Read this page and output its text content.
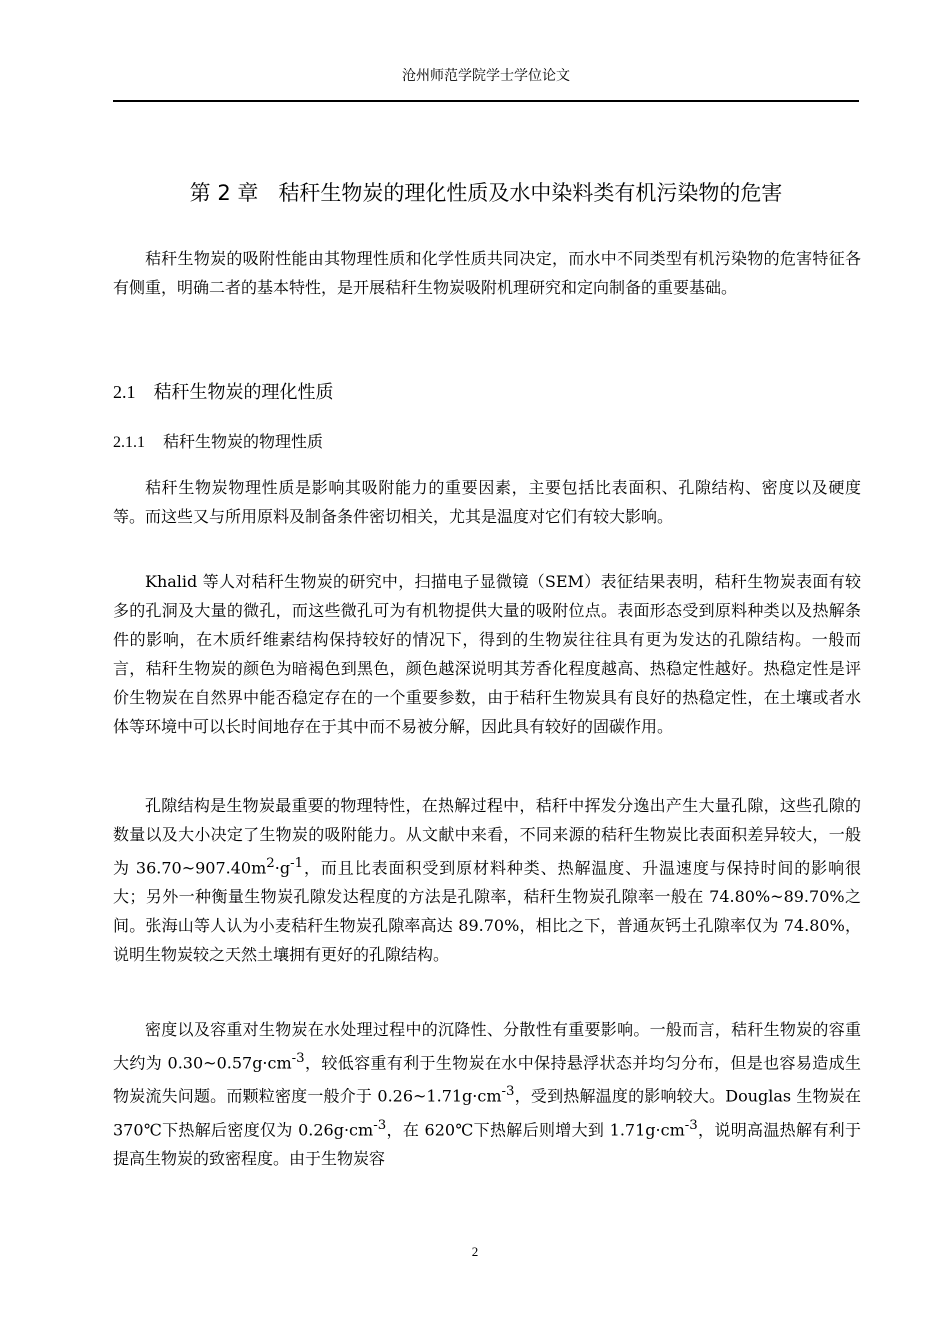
沧州师范学院学士学位论文
第 2 章 秸秆生物炭的理化性质及水中染料类有机污染物的危害

秸秆生物炭的吸附性能由其物理性质和化学性质共同决定，而水中不同类型有机污染物的危害特征各有侧重，明确二者的基本特性，是开展秸秆生物炭吸附机理研究和定向制备的重要基础。

2.1 秸秆生物炭的理化性质
2.1.1 秸秆生物炭的物理性质

秸秆生物炭物理性质是影响其吸附能力的重要因素，主要包括比表面积、孔隙结构、密度以及硬度等。而这些又与所用原料及制备条件密切相关，尤其是温度对它们有较大影响。

Khalid 等人对秸秆生物炭的研究中，扫描电子显微镜（SEM）表征结果表明，秸秆生物炭表面有较多的孔洞及大量的微孔，而这些微孔可为有机物提供大量的吸附位点。表面形态受到原料种类以及热解条件的影响，在木质纤维素结构保持较好的情况下，得到的生物炭往往具有更为发达的孔隙结构。一般而言，秸秆生物炭的颜色为暗褐色到黑色，颜色越深说明其芳香化程度越高、热稳定性越好。热稳定性是评价生物炭在自然界中能否稳定存在的一个重要参数，由于秸秆生物炭具有良好的热稳定性，在土壤或者水体等环境中可以长时间地存在于其中而不易被分解，因此具有较好的固碳作用。

孔隙结构是生物炭最重要的物理特性，在热解过程中，秸秆中挥发分逸出产生大量孔隙，这些孔隙的数量以及大小决定了生物炭的吸附能力。从文献中来看，不同来源的秸秆生物炭比表面积差异较大，一般为 $36.70\sim 907.40m^2\cdot g^{-1}$，而且比表面积受到原材料种类、热解温度、升温速度与保持时间的影响很大；另外一种衡量生物炭孔隙发达程度的方法是孔隙率，秸秆生物炭孔隙率一般在 74.80%~89.70%之间。张海山等人认为小麦秸秆生物炭孔隙率高达 89.70%，相比之下，普通灰钙土孔隙率仅为 74.80%，说明生物炭较之天然土壤拥有更好的孔隙结构。

密度以及容重对生物炭在水处理过程中的沉降性、分散性有重要影响。一般而言，秸秆生物炭的容重大约为 $0.30\sim 0.57g\cdot cm^{-3}$，较低容重有利于生物炭在水中保持悬浮状态并均匀分布，但是也容易造成生物炭流失问题。而颗粒密度一般介于 $0.26\sim 1.71g\cdot cm^{-3}$，受到热解温度的影响较大。Douglas 生物炭在 370℃下热解后密度仅为 $0.26g\cdot cm^{-3}$，在 620℃下热解后则增大到 $1.71g\cdot cm^{-3}$，说明高温热解有利于提高生物炭的致密程度。由于生物炭容

2
